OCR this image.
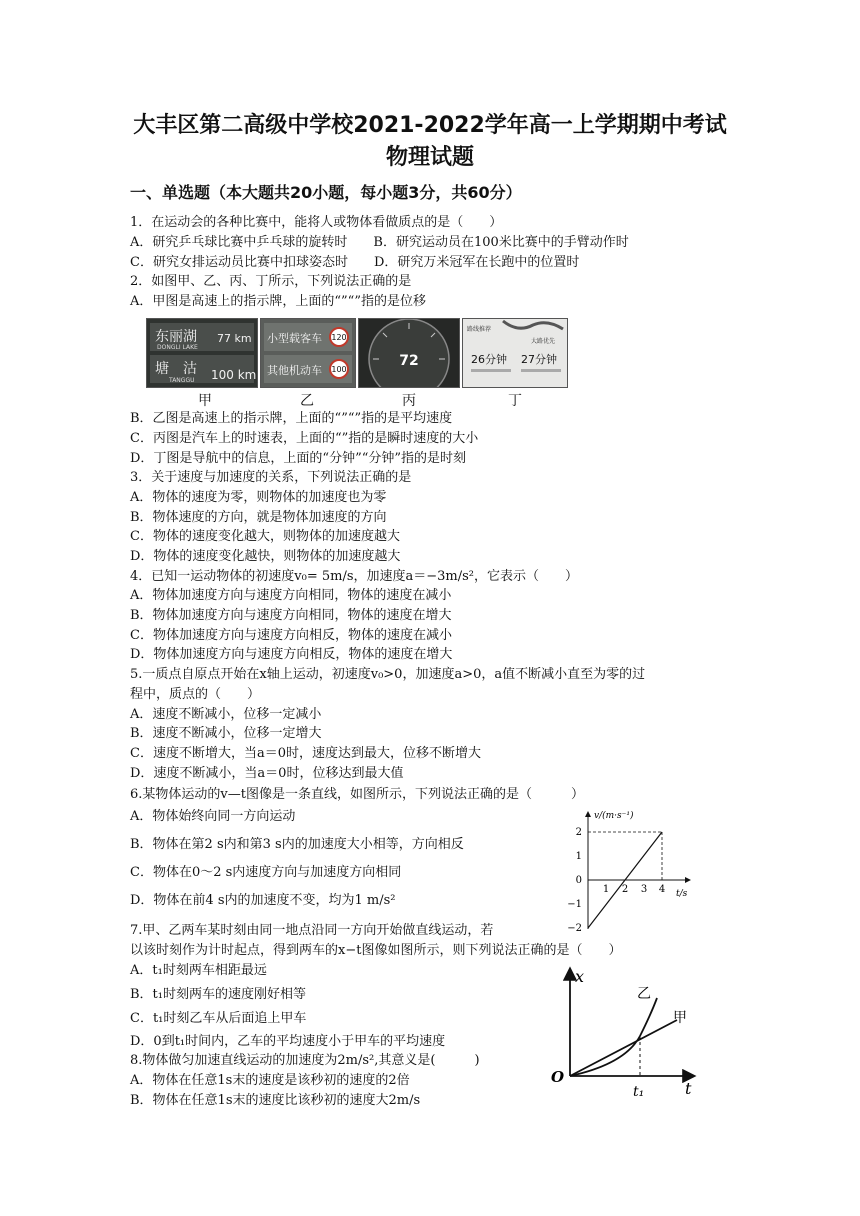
大丰区第二高级中学校2021-2022学年高一上学期期中考试
物理试题
一、单选题（本大题共20小题，每小题3分，共60分）
1．在运动会的各种比赛中，能将人或物体看做质点的是（　　）
A．研究乒乓球比赛中乒乓球的旋转时　　B．研究运动员在100米比赛中的手臂动作时
C．研究女排运动员比赛中扣球姿态时　　D．研究万米冠军在长跑中的位置时
2．如图甲、乙、丙、丁所示，下列说法正确的是
A．甲图是高速上的指示牌，上面的“”“”指的是位移
东丽湖
DONGLI LAKE
77 km
塘　沽
TANGGU 100 km
小型载客车 120
其他机动车 100
72
路线推荐
大路优先
26分钟 27分钟
甲	乙	丙	丁
B．乙图是高速上的指示牌，上面的“”“”指的是平均速度
C．丙图是汽车上的时速表，上面的“”指的是瞬时速度的大小
D．丁图是导航中的信息，上面的“分钟”“分钟”指的是时刻
3．关于速度与加速度的关系，下列说法正确的是
A．物体的速度为零，则物体的加速度也为零
B．物体速度的方向，就是物体加速度的方向
C．物体的速度变化越大，则物体的加速度越大
D．物体的速度变化越快，则物体的加速度越大
4．已知一运动物体的初速度v₀= 5m/s，加速度a＝−3m/s²，它表示（　　）
A．物体加速度方向与速度方向相同，物体的速度在减小
B．物体加速度方向与速度方向相同，物体的速度在增大
C．物体加速度方向与速度方向相反，物体的速度在减小
D．物体加速度方向与速度方向相反，物体的速度在增大
5.一质点自原点开始在x轴上运动，初速度v₀>0，加速度a>0，a值不断减小直至为零的过
程中，质点的（　　）
A．速度不断减小，位移一定减小
B．速度不断减小，位移一定增大
C．速度不断增大，当a＝0时，速度达到最大，位移不断增大
D．速度不断减小，当a＝0时，位移达到最大值
6.某物体运动的v—t图像是一条直线，如图所示，下列说法正确的是（　　　）
A．物体始终向同一方向运动
B．物体在第2 s内和第3 s内的加速度大小相等，方向相反
C．物体在0～2 s内速度方向与加速度方向相同
D．物体在前4 s内的加速度不变，均为1 m/s²
7.甲、乙两车某时刻由同一地点沿同一方向开始做直线运动，若
以该时刻作为计时起点，得到两车的x−t图像如图所示，则下列说法正确的是（　　）
A．t₁时刻两车相距最远
B．t₁时刻两车的速度刚好相等
C．t₁时刻乙车从后面追上甲车
D．0到t₁时间内，乙车的平均速度小于甲车的平均速度
8.物体做匀加速直线运动的加速度为2m/s²,其意义是(　　　)
A．物体在任意1s末的速度是该秒初的速度的2倍
B．物体在任意1s末的速度比该秒初的速度大2m/s
v/(m·s⁻¹)
t/s
1 2 3 4
2
1
0
−1
−2
x
t
O
t₁
乙
甲
